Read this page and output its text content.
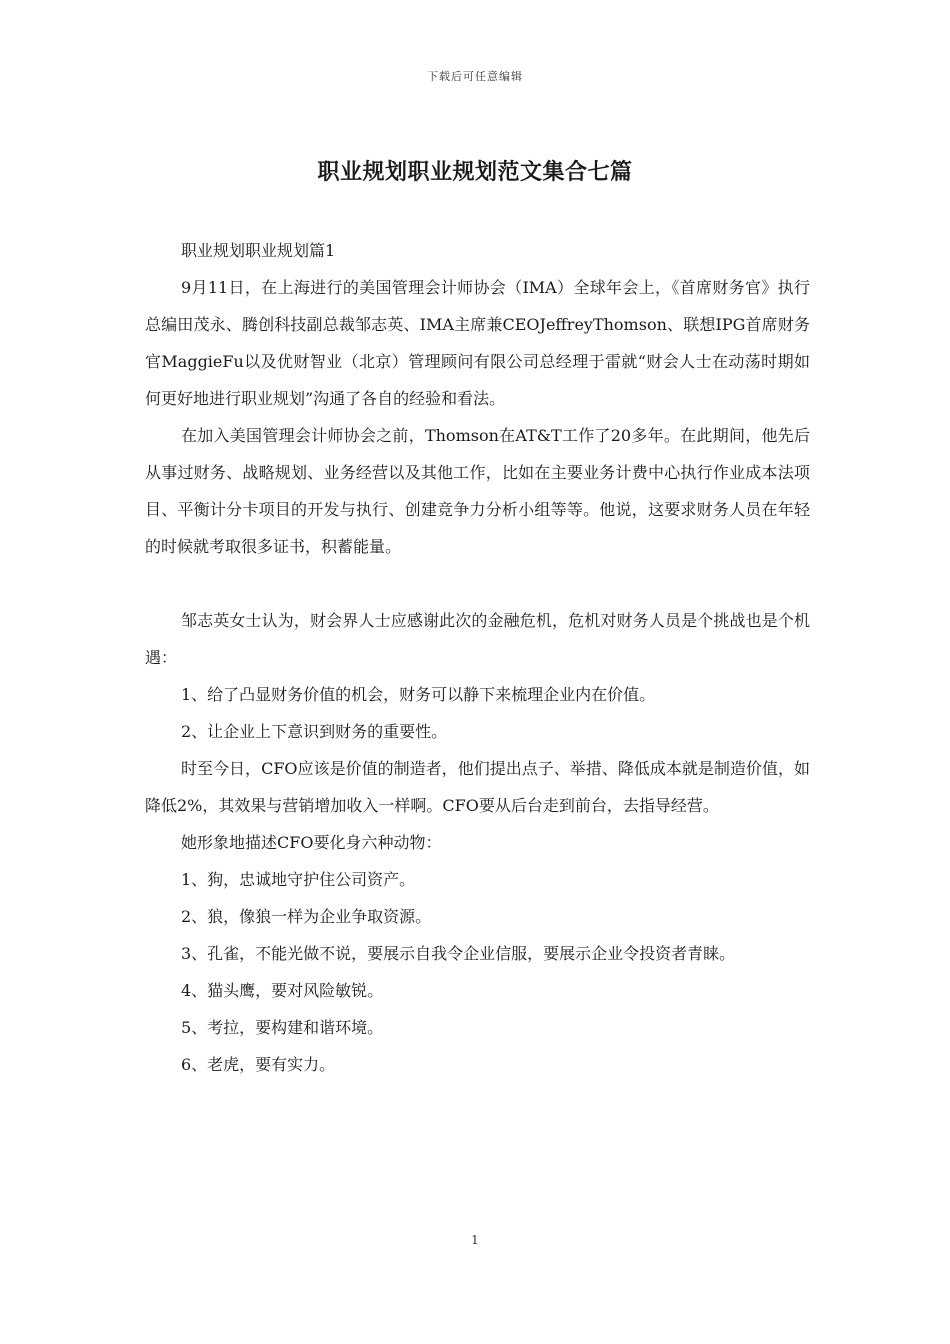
下载后可任意编辑
职业规划职业规划范文集合七篇

职业规划职业规划篇1

9月11日，在上海进行的美国管理会计师协会（IMA）全球年会上，《首席财务官》执行总编田茂永、腾创科技副总裁邹志英、IMA主席兼CEOJeffreyThomson、联想IPG首席财务官MaggieFu以及优财智业（北京）管理顾问有限公司总经理于雷就“财会人士在动荡时期如何更好地进行职业规划”沟通了各自的经验和看法。

在加入美国管理会计师协会之前，Thomson在AT&T工作了20多年。在此期间，他先后从事过财务、战略规划、业务经营以及其他工作，比如在主要业务计费中心执行作业成本法项目、平衡计分卡项目的开发与执行、创建竞争力分析小组等等。他说，这要求财务人员在年轻的时候就考取很多证书，积蓄能量。

邹志英女士认为，财会界人士应感谢此次的金融危机，危机对财务人员是个挑战也是个机遇：

1、给了凸显财务价值的机会，财务可以静下来梳理企业内在价值。

2、让企业上下意识到财务的重要性。

时至今日，CFO应该是价值的制造者，他们提出点子、举措、降低成本就是制造价值，如降低2%，其效果与营销增加收入一样啊。CFO要从后台走到前台，去指导经营。

她形象地描述CFO要化身六种动物：

1、狗，忠诚地守护住公司资产。

2、狼，像狼一样为企业争取资源。

3、孔雀，不能光做不说，要展示自我令企业信服，要展示企业令投资者青睐。

4、猫头鹰，要对风险敏锐。

5、考拉，要构建和谐环境。

6、老虎，要有实力。

1
